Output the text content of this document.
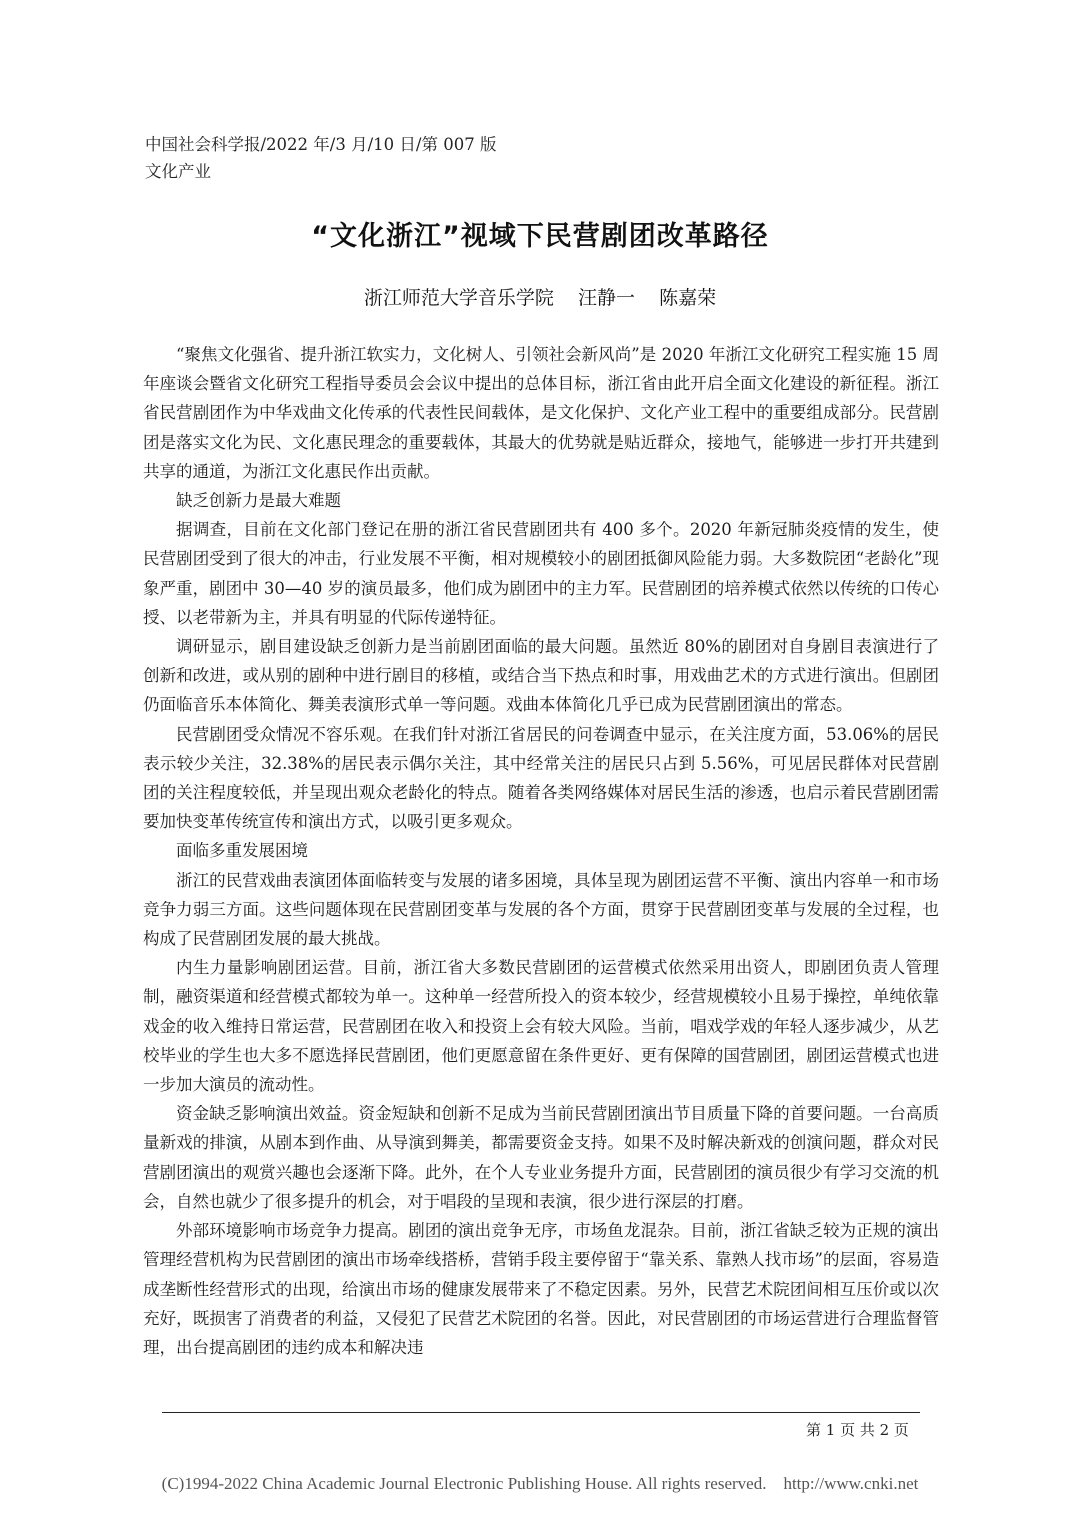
中国社会科学报/2022 年/3 月/10 日/第 007 版
文化产业
“文化浙江”视域下民营剧团改革路径
浙江师范大学音乐学院    汪静一    陈嘉荣

“聚焦文化强省、提升浙江软实力，文化树人、引领社会新风尚”是 2020 年浙江文化研究工程实施 15 周年座谈会暨省文化研究工程指导委员会会议中提出的总体目标，浙江省由此开启全面文化建设的新征程。浙江省民营剧团作为中华戏曲文化传承的代表性民间载体，是文化保护、文化产业工程中的重要组成部分。民营剧团是落实文化为民、文化惠民理念的重要载体，其最大的优势就是贴近群众，接地气，能够进一步打开共建到共享的通道，为浙江文化惠民作出贡献。

缺乏创新力是最大难题

据调查，目前在文化部门登记在册的浙江省民营剧团共有 400 多个。2020 年新冠肺炎疫情的发生，使民营剧团受到了很大的冲击，行业发展不平衡，相对规模较小的剧团抵御风险能力弱。大多数院团“老龄化”现象严重，剧团中 30—40 岁的演员最多，他们成为剧团中的主力军。民营剧团的培养模式依然以传统的口传心授、以老带新为主，并具有明显的代际传递特征。

调研显示，剧目建设缺乏创新力是当前剧团面临的最大问题。虽然近 80%的剧团对自身剧目表演进行了创新和改进，或从别的剧种中进行剧目的移植，或结合当下热点和时事，用戏曲艺术的方式进行演出。但剧团仍面临音乐本体简化、舞美表演形式单一等问题。戏曲本体简化几乎已成为民营剧团演出的常态。

民营剧团受众情况不容乐观。在我们针对浙江省居民的问卷调查中显示，在关注度方面，53.06%的居民表示较少关注，32.38%的居民表示偶尔关注，其中经常关注的居民只占到 5.56%，可见居民群体对民营剧团的关注程度较低，并呈现出观众老龄化的特点。随着各类网络媒体对居民生活的渗透，也启示着民营剧团需要加快变革传统宣传和演出方式，以吸引更多观众。

面临多重发展困境

浙江的民营戏曲表演团体面临转变与发展的诸多困境，具体呈现为剧团运营不平衡、演出内容单一和市场竞争力弱三方面。这些问题体现在民营剧团变革与发展的各个方面，贯穿于民营剧团变革与发展的全过程，也构成了民营剧团发展的最大挑战。

内生力量影响剧团运营。目前，浙江省大多数民营剧团的运营模式依然采用出资人，即剧团负责人管理制，融资渠道和经营模式都较为单一。这种单一经营所投入的资本较少，经营规模较小且易于操控，单纯依靠戏金的收入维持日常运营，民营剧团在收入和投资上会有较大风险。当前，唱戏学戏的年轻人逐步减少，从艺校毕业的学生也大多不愿选择民营剧团，他们更愿意留在条件更好、更有保障的国营剧团，剧团运营模式也进一步加大演员的流动性。

资金缺乏影响演出效益。资金短缺和创新不足成为当前民营剧团演出节目质量下降的首要问题。一台高质量新戏的排演，从剧本到作曲、从导演到舞美，都需要资金支持。如果不及时解决新戏的创演问题，群众对民营剧团演出的观赏兴趣也会逐渐下降。此外，在个人专业业务提升方面，民营剧团的演员很少有学习交流的机会，自然也就少了很多提升的机会，对于唱段的呈现和表演，很少进行深层的打磨。

外部环境影响市场竞争力提高。剧团的演出竞争无序，市场鱼龙混杂。目前，浙江省缺乏较为正规的演出管理经营机构为民营剧团的演出市场牵线搭桥，营销手段主要停留于“靠关系、靠熟人找市场”的层面，容易造成垄断性经营形式的出现，给演出市场的健康发展带来了不稳定因素。另外，民营艺术院团间相互压价或以次充好，既损害了消费者的利益，又侵犯了民营艺术院团的名誉。因此，对民营剧团的市场运营进行合理监督管理，出台提高剧团的违约成本和解决违

第 1 页 共 2 页
(C)1994-2022 China Academic Journal Electronic Publishing House. All rights reserved.    http://www.cnki.net
